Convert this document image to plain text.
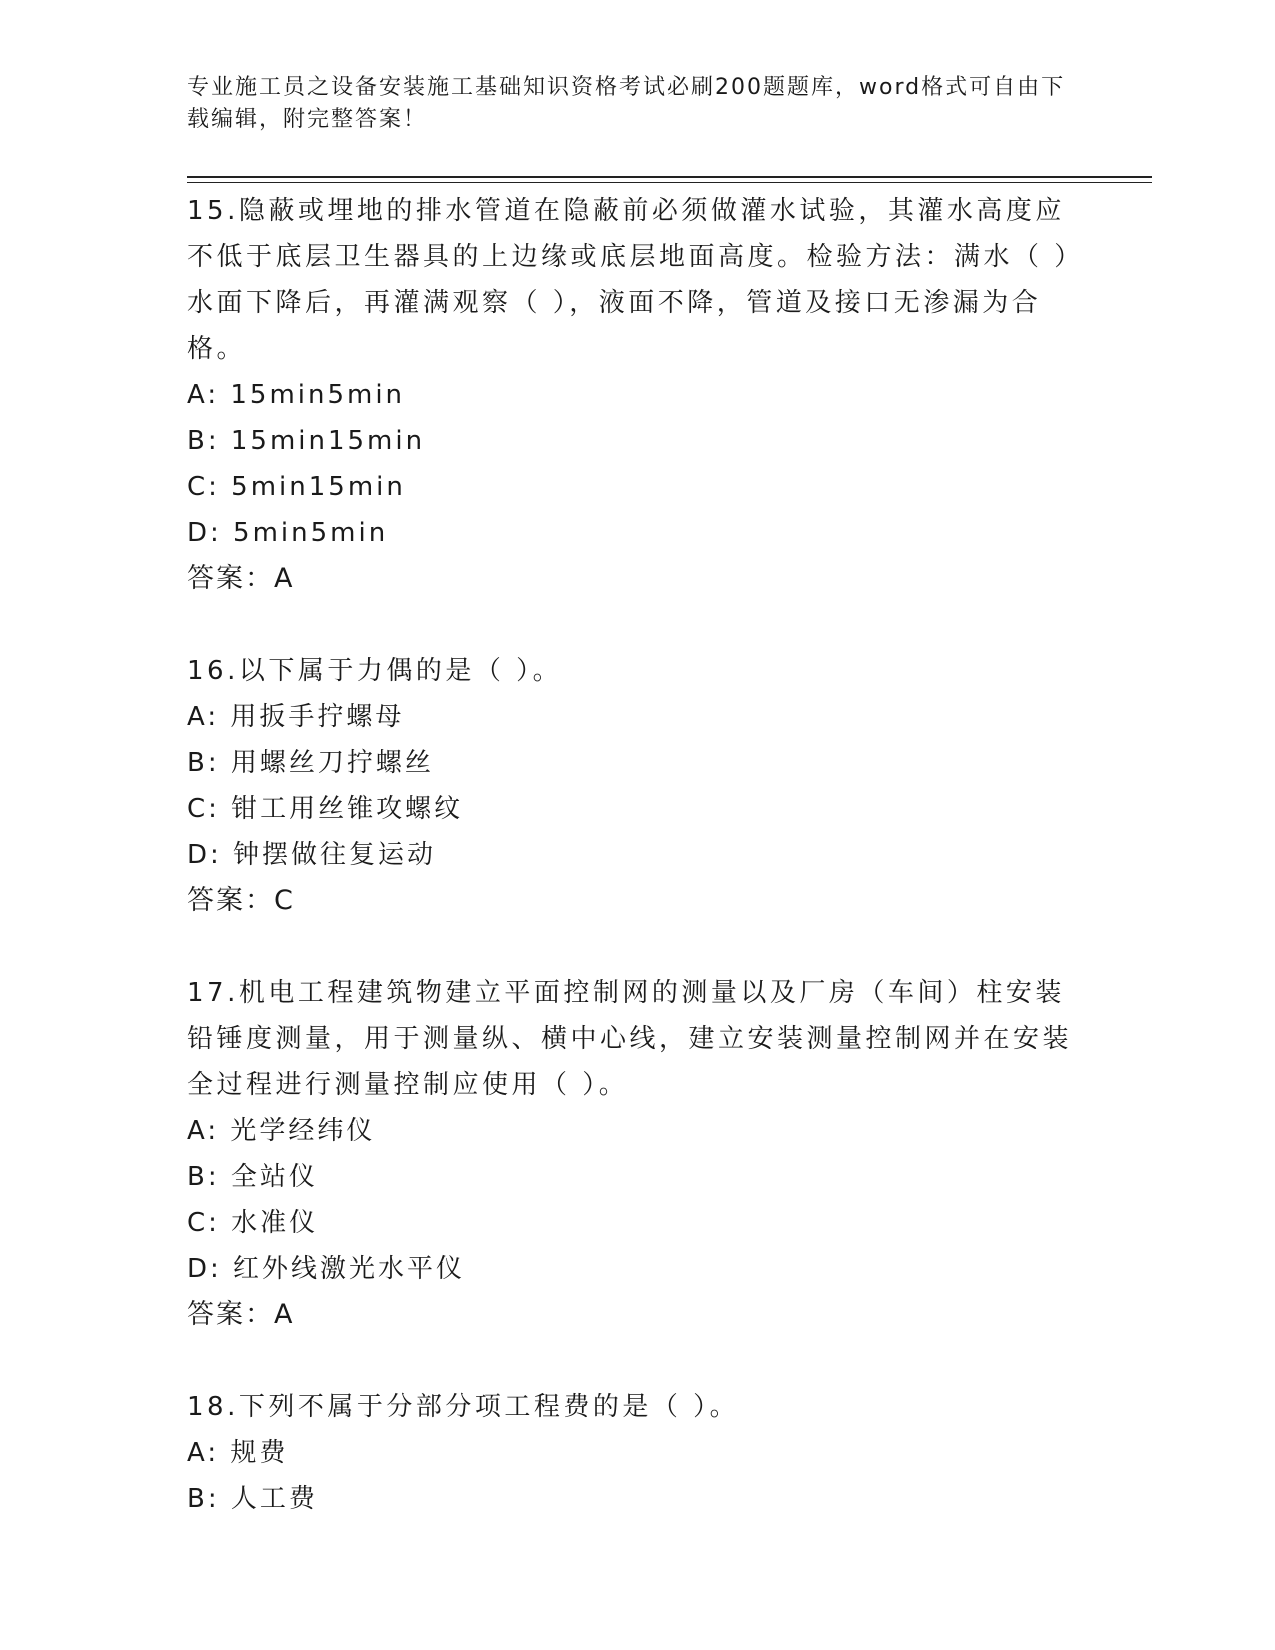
专业施工员之设备安装施工基础知识资格考试必刷200题题库，word格式可自由下载编辑，附完整答案！
15.隐蔽或埋地的排水管道在隐蔽前必须做灌水试验，其灌水高度应不低于底层卫生器具的上边缘或底层地面高度。检验方法：满水（ ）水面下降后，再灌满观察（ ），液面不降，管道及接口无渗漏为合格。
A: 15min5min
B: 15min15min
C: 5min15min
D: 5min5min
答案：A
16.以下属于力偶的是（ ）。
A: 用扳手拧螺母
B: 用螺丝刀拧螺丝
C: 钳工用丝锥攻螺纹
D: 钟摆做往复运动
答案：C
17.机电工程建筑物建立平面控制网的测量以及厂房（车间）柱安装铅锤度测量，用于测量纵、横中心线，建立安装测量控制网并在安装全过程进行测量控制应使用（ ）。
A: 光学经纬仪
B: 全站仪
C: 水准仪
D: 红外线激光水平仪
答案：A
18.下列不属于分部分项工程费的是（ ）。
A: 规费
B: 人工费
